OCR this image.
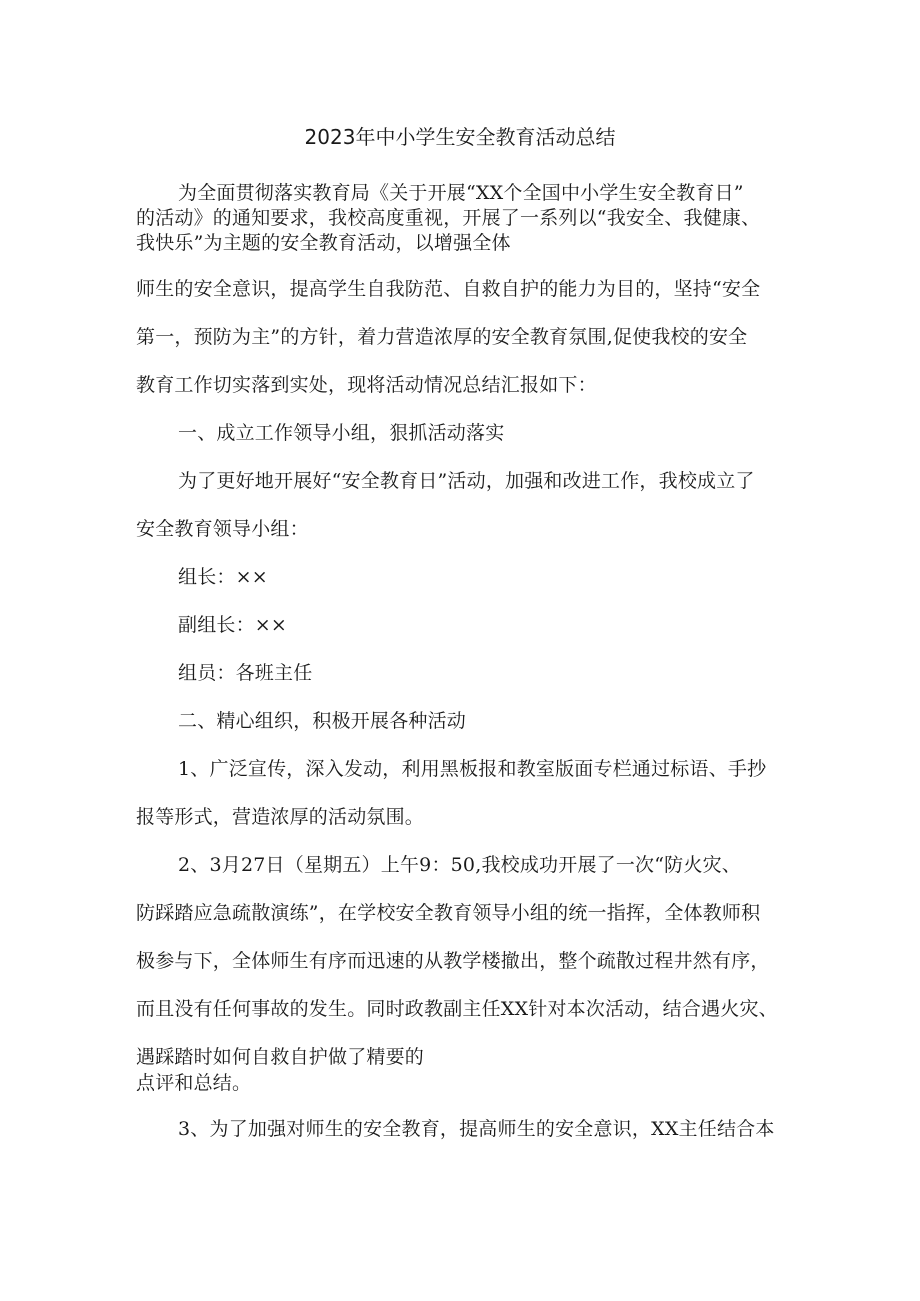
2023年中小学生安全教育活动总结
为全面贯彻落实教育局《关于开展“XX个全国中小学生安全教育日”
的活动》的通知要求，我校高度重视，开展了一系列以“我安全、我健康、
我快乐”为主题的安全教育活动，以增强全体
师生的安全意识，提高学生自我防范、自救自护的能力为目的，坚持“安全
第一，预防为主”的方针，着力营造浓厚的安全教育氛围,促使我校的安全
教育工作切实落到实处，现将活动情况总结汇报如下：
一、成立工作领导小组，狠抓活动落实
为了更好地开展好“安全教育日”活动，加强和改进工作，我校成立了
安全教育领导小组：
组长：××
副组长：××
组员：各班主任
二、精心组织，积极开展各种活动
1、广泛宣传，深入发动，利用黑板报和教室版面专栏通过标语、手抄
报等形式，营造浓厚的活动氛围。
2、3月27日（星期五）上午9：50,我校成功开展了一次“防火灾、
防踩踏应急疏散演练”，在学校安全教育领导小组的统一指挥，全体教师积
极参与下，全体师生有序而迅速的从教学楼撤出，整个疏散过程井然有序，
而且没有任何事故的发生。同时政教副主任XX针对本次活动，结合遇火灾、
遇踩踏时如何自救自护做了精要的
点评和总结。
3、为了加强对师生的安全教育，提高师生的安全意识，XX主任结合本
